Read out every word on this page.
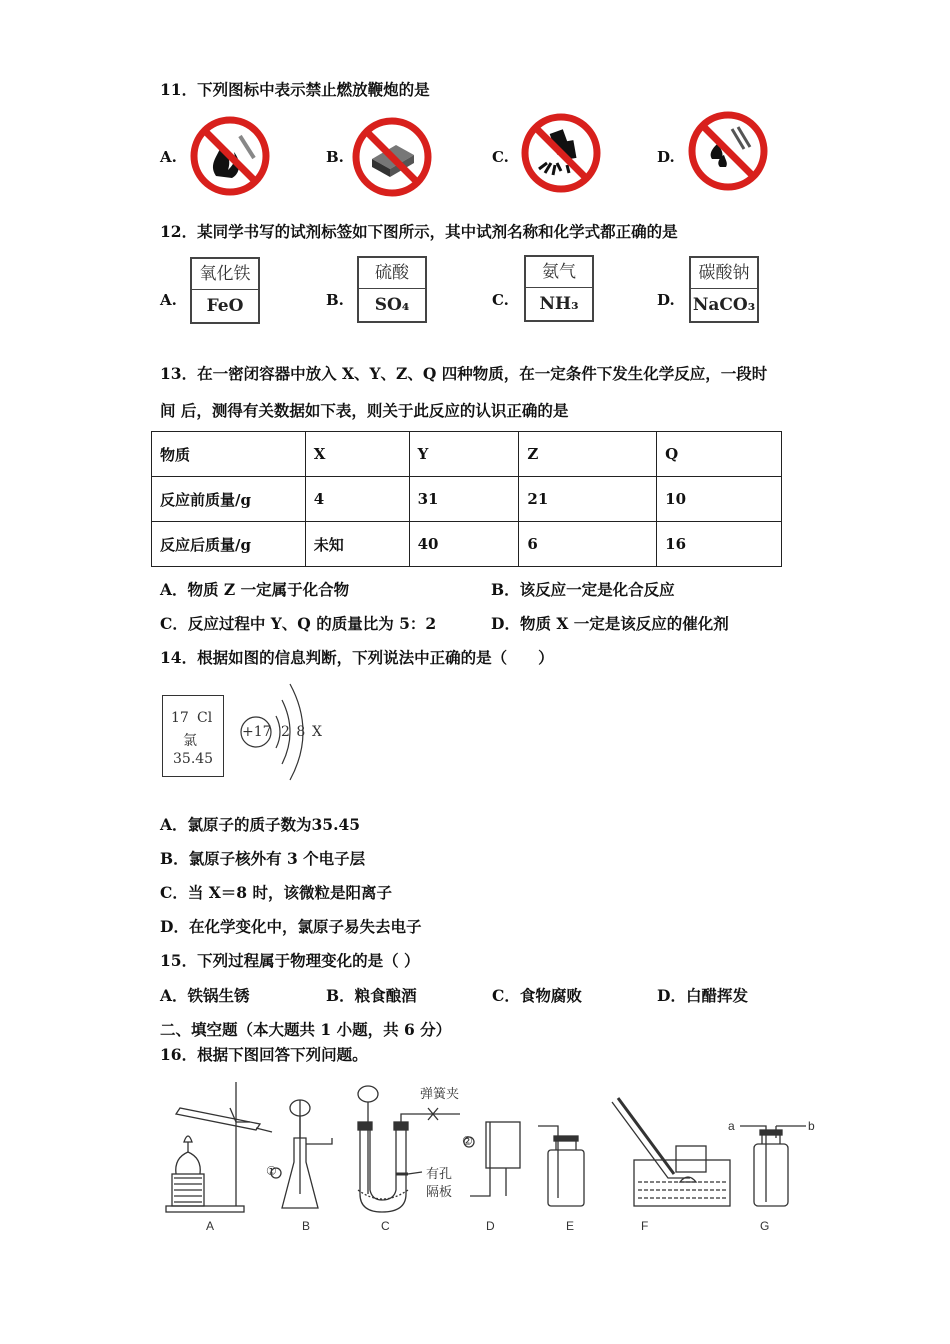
11．下列图标中表示禁止燃放鞭炮的是
A.	B.	C.	D.
12．某同学书写的试剂标签如下图所示，其中试剂名称和化学式都正确的是
A.
氧化铁
FeO	B.
硫酸
SO₄	C.
氨气
NH₃	D.
碳酸钠
NaCO₃
13．在一密闭容器中放入 X、Y、Z、Q 四种物质，在一定条件下发生化学反应，一段时
间 后，测得有关数据如下表，则关于此反应的认识正确的是
物质	X	Y	Z	Q
反应前质量/g	4	31	21	10
反应后质量/g	未知	40	6	16
A．物质 Z 一定属于化合物	B．该反应一定是化合反应
C．反应过程中 Y、Q 的质量比为 5：2	D．物质 X 一定是该反应的催化剂
14．根据如图的信息判断，下列说法中正确的是（　　）
17 Cl
氯
35.45
+17 2 8 X
A．氯原子的质子数为35.45
B．氯原子核外有 3 个电子层
C．当 X＝8 时，该微粒是阳离子
D．在化学变化中，氯原子易失去电子
15．下列过程属于物理变化的是（ ）
A．铁锅生锈	B．粮食酿酒	C．食物腐败	D．白醋挥发
二、填空题（本大题共 1 小题，共 6 分）
16．根据下图回答下列问题。
弹簧夹
①
②
有孔
隔板
a	b
A	B	C	D	E	F	G
